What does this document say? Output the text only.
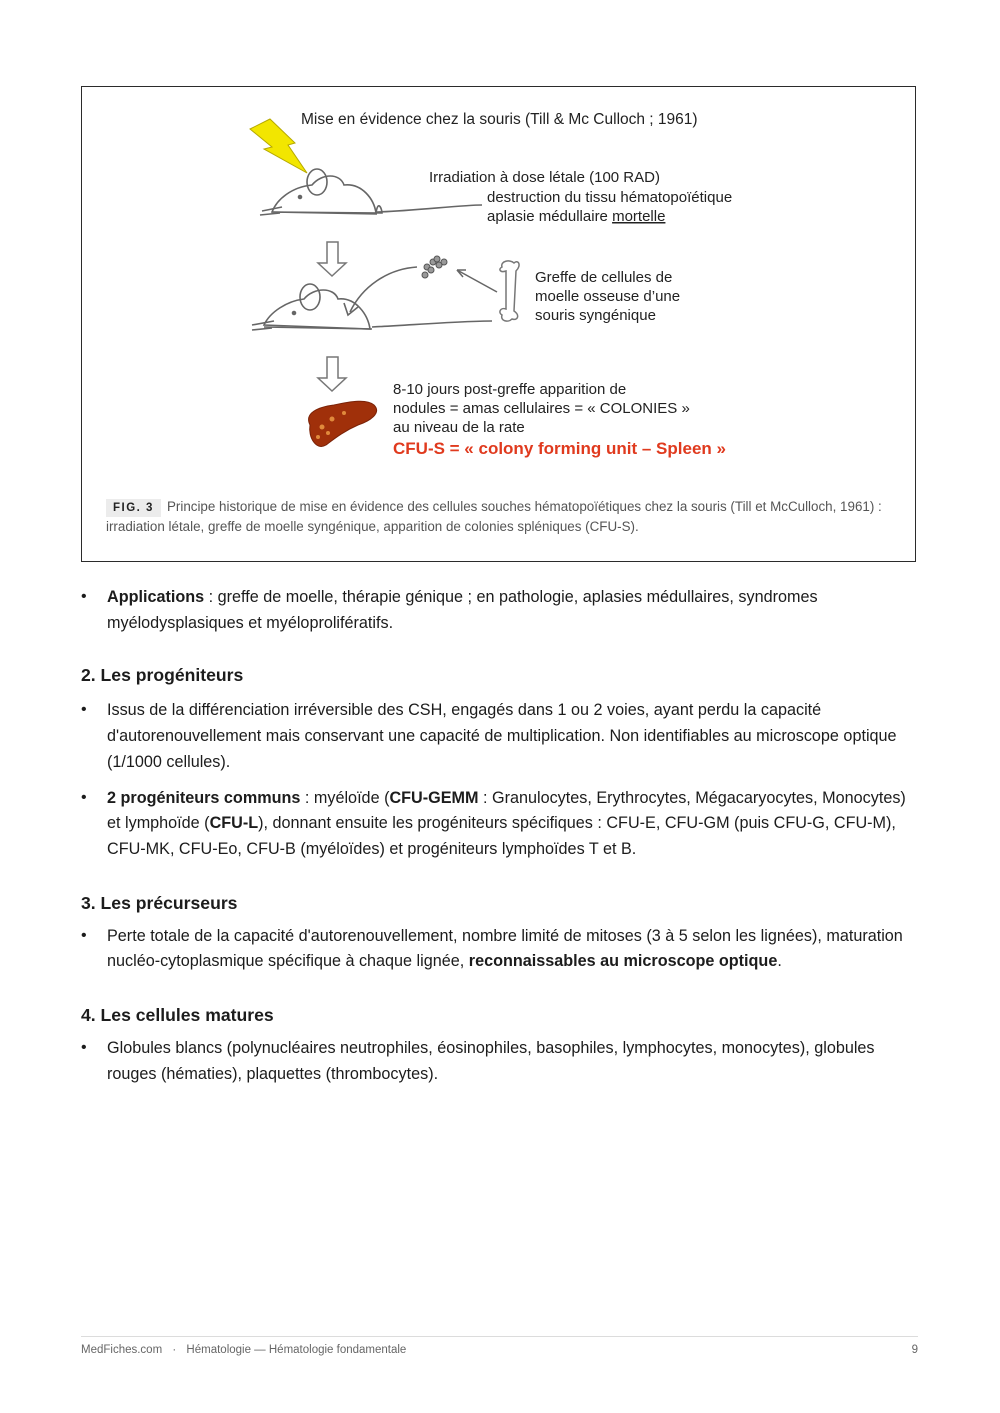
Mise en évidence chez la souris (Till & Mc Culloch ; 1961)
Irradiation à dose létale (100 RAD)
destruction du tissu hématopoïétique
aplasie médullaire mortelle
Greffe de cellules de
moelle osseuse d’une
souris syngénique
8-10 jours post-greffe apparition de
nodules = amas cellulaires = « COLONIES »
au niveau de la rate
CFU-S = « colony forming unit – Spleen »
FIG. 3 Principe historique de mise en évidence des cellules souches hématopoïétiques chez la souris (Till et McCulloch, 1961) : irradiation létale, greffe de moelle syngénique, apparition de colonies spléniques (CFU-S).
• Applications : greffe de moelle, thérapie génique ; en pathologie, aplasies médullaires, syndromes myélodysplasiques et myéloprolifératifs.
2. Les progéniteurs
• Issus de la différenciation irréversible des CSH, engagés dans 1 ou 2 voies, ayant perdu la capacité d'autorenouvellement mais conservant une capacité de multiplication. Non identifiables au microscope optique (1/1000 cellules).
• 2 progéniteurs communs : myéloïde (CFU-GEMM : Granulocytes, Erythrocytes, Mégacaryocytes, Monocytes) et lymphoïde (CFU-L), donnant ensuite les progéniteurs spécifiques : CFU-E, CFU-GM (puis CFU-G, CFU-M), CFU-MK, CFU-Eo, CFU-B (myéloïdes) et progéniteurs lymphoïdes T et B.
3. Les précurseurs
• Perte totale de la capacité d'autorenouvellement, nombre limité de mitoses (3 à 5 selon les lignées), maturation nucléo-cytoplasmique spécifique à chaque lignée, reconnaissables au microscope optique.
4. Les cellules matures
• Globules blancs (polynucléaires neutrophiles, éosinophiles, basophiles, lymphocytes, monocytes), globules rouges (hématies), plaquettes (thrombocytes).
MedFiches.com · Hématologie — Hématologie fondamentale	9
